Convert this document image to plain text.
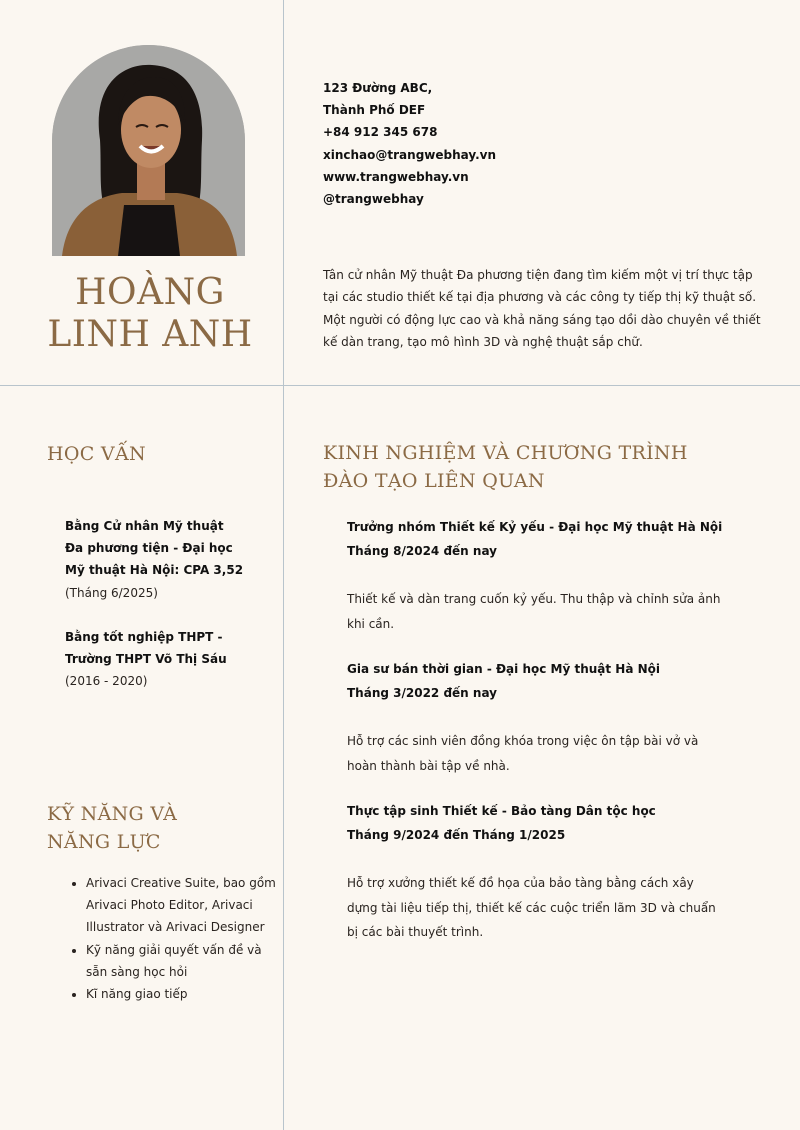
HOÀNG
LINH ANH
123 Đường ABC,
Thành Phố DEF
+84 912 345 678
xinchao@trangwebhay.vn
www.trangwebhay.vn
@trangwebhay
Tân cử nhân Mỹ thuật Đa phương tiện đang tìm kiếm một vị trí thực tập tại các studio thiết kế tại địa phương và các công ty tiếp thị kỹ thuật số. Một người có động lực cao và khả năng sáng tạo dồi dào chuyên về thiết kế dàn trang, tạo mô hình 3D và nghệ thuật sắp chữ.
HỌC VẤN
Bằng Cử nhân Mỹ thuật
Đa phương tiện - Đại học
Mỹ thuật Hà Nội: CPA 3,52
(Tháng 6/2025)
Bằng tốt nghiệp THPT -
Trường THPT Võ Thị Sáu
(2016 - 2020)
KỸ NĂNG VÀ
NĂNG LỰC
• Arivaci Creative Suite, bao gồm Arivaci Photo Editor, Arivaci Illustrator và Arivaci Designer
• Kỹ năng giải quyết vấn đề và sẵn sàng học hỏi
• Kĩ năng giao tiếp
KINH NGHIỆM VÀ CHƯƠNG TRÌNH
ĐÀO TẠO LIÊN QUAN
Trưởng nhóm Thiết kế Kỷ yếu - Đại học Mỹ thuật Hà Nội
Tháng 8/2024 đến nay
Thiết kế và dàn trang cuốn kỷ yếu. Thu thập và chỉnh sửa ảnh khi cần.
Gia sư bán thời gian - Đại học Mỹ thuật Hà Nội
Tháng 3/2022 đến nay
Hỗ trợ các sinh viên đồng khóa trong việc ôn tập bài vở và hoàn thành bài tập về nhà.
Thực tập sinh Thiết kế - Bảo tàng Dân tộc học
Tháng 9/2024 đến Tháng 1/2025
Hỗ trợ xưởng thiết kế đồ họa của bảo tàng bằng cách xây dựng tài liệu tiếp thị, thiết kế các cuộc triển lãm 3D và chuẩn bị các bài thuyết trình.
